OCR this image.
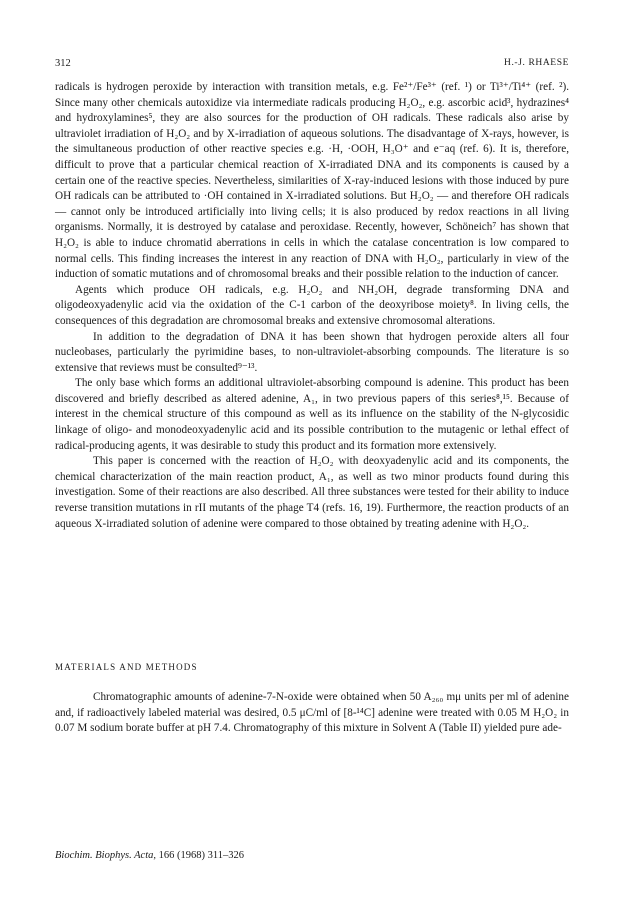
312	H.-J. RHAESE

radicals is hydrogen peroxide by interaction with transition metals, e.g. Fe²⁺/Fe³⁺ (ref. ¹) or Ti³⁺/Ti⁴⁺ (ref. ²). Since many other chemicals autoxidize via intermediate radicals producing H₂O₂, e.g. ascorbic acid³, hydrazines⁴ and hydroxylamines⁵, they are also sources for the production of OH radicals. These radicals also arise by ultraviolet irradiation of H₂O₂ and by X-irradiation of aqueous solutions. The disadvantage of X-rays, however, is the simultaneous production of other reactive species e.g. ·H, ·OOH, H₃O⁺ and e⁻aq (ref. 6). It is, therefore, difficult to prove that a particular chemical reaction of X-irradiated DNA and its components is caused by a certain one of the reactive species. Nevertheless, similarities of X-ray-induced lesions with those induced by pure OH radicals can be attributed to ·OH contained in X-irradiated solutions. But H₂O₂ — and therefore OH radicals — cannot only be introduced artificially into living cells; it is also produced by redox reactions in all living organisms. Normally, it is destroyed by catalase and peroxidase. Recently, however, Schöneich⁷ has shown that H₂O₂ is able to induce chromatid aberrations in cells in which the catalase concentration is low compared to normal cells. This finding increases the interest in any reaction of DNA with H₂O₂, particularly in view of the induction of somatic mutations and of chromosomal breaks and their possible relation to the induction of cancer.

Agents which produce OH radicals, e.g. H₂O₂ and NH₂OH, degrade transforming DNA and oligodeoxyadenylic acid via the oxidation of the C-1 carbon of the deoxyribose moiety⁸. In living cells, the consequences of this degradation are chromosomal breaks and extensive chromosomal alterations.

In addition to the degradation of DNA it has been shown that hydrogen peroxide alters all four nucleobases, particularly the pyrimidine bases, to non-ultraviolet-absorbing compounds. The literature is so extensive that reviews must be consulted⁹⁻¹³.

The only base which forms an additional ultraviolet-absorbing compound is adenine. This product has been discovered and briefly described as altered adenine, A₁, in two previous papers of this series⁸,¹⁵. Because of interest in the chemical structure of this compound as well as its influence on the stability of the N-glycosidic linkage of oligo- and monodeoxyadenylic acid and its possible contribution to the mutagenic or lethal effect of radical-producing agents, it was desirable to study this product and its formation more extensively.

This paper is concerned with the reaction of H₂O₂ with deoxyadenylic acid and its components, the chemical characterization of the main reaction product, A₁, as well as two minor products found during this investigation. Some of their reactions are also described. All three substances were tested for their ability to induce reverse transition mutations in rII mutants of the phage T4 (refs. 16, 19). Furthermore, the reaction products of an aqueous X-irradiated solution of adenine were compared to those obtained by treating adenine with H₂O₂.

MATERIALS AND METHODS

Chromatographic amounts of adenine-7-N-oxide were obtained when 50 A₂₆₀ mμ units per ml of adenine and, if radioactively labeled material was desired, 0.5 μC/ml of [8-¹⁴C] adenine were treated with 0.05 M H₂O₂ in 0.07 M sodium borate buffer at pH 7.4. Chromatography of this mixture in Solvent A (Table II) yielded pure ade-

Biochim. Biophys. Acta, 166 (1968) 311–326
